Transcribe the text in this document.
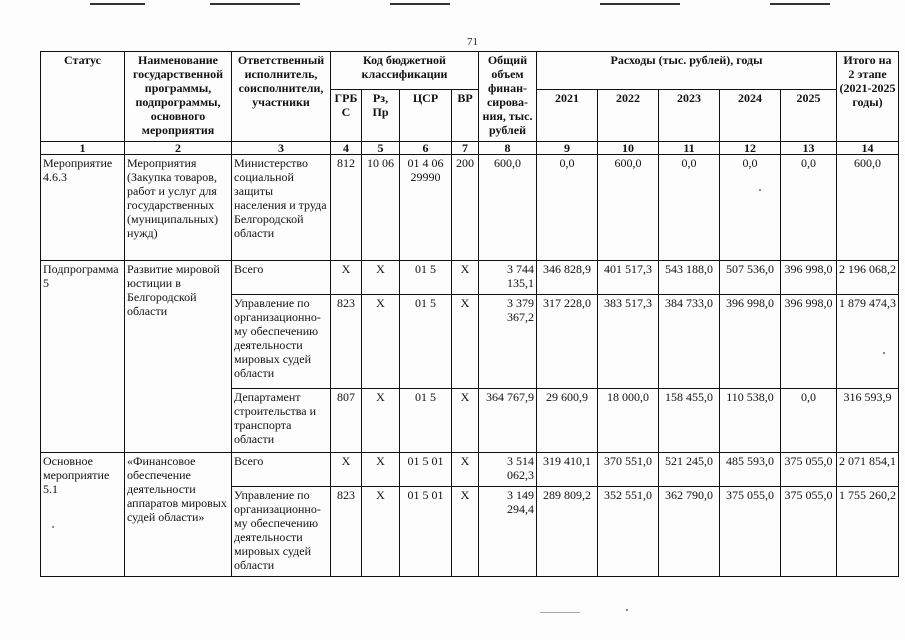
71
Статус	Наименование государственной программы, подпрограммы, основного мероприятия	Ответственный исполнитель, соисполнители, участники	Код бюджетной классификации				Общий объем финан-сирова-ния, тыс. рублей	Расходы (тыс. рублей), годы					Итого на 2 этапе (2021-2025 годы)
			ГРБ С	Рз, Пр	ЦСР	ВР		2021	2022	2023	2024	2025	
1	2	3	4	5	6	7	8	9	10	11	12	13	14
Мероприятие 4.6.3	Мероприятия (Закупка товаров, работ и услуг для государственных (муниципальных) нужд)	Министерство социальной защиты населения и труда Белгородской области	812	10 06	01 4 06 29990	200	600,0	0,0	600,0	0,0	0,0	0,0	600,0
Подпрограмма 5	Развитие мировой юстиции в Белгородской области	Всего	Х	Х	01 5	Х	3 744 135,1	346 828,9	401 517,3	543 188,0	507 536,0	396 998,0	2 196 068,2
		Управление по организационно-му обеспечению деятельности мировых судей области	823	Х	01 5	Х	3 379 367,2	317 228,0	383 517,3	384 733,0	396 998,0	396 998,0	1 879 474,3
		Департамент строительства и транспорта области	807	Х	01 5	Х	364 767,9	29 600,9	18 000,0	158 455,0	110 538,0	0,0	316 593,9
Основное мероприятие 5.1	«Финансовое обеспечение деятельности аппаратов мировых судей области»	Всего	Х	Х	01 5 01	Х	3 514 062,3	319 410,1	370 551,0	521 245,0	485 593,0	375 055,0	2 071 854,1
		Управление по организационно-му обеспечению деятельности мировых судей области	823	Х	01 5 01	Х	3 149 294,4	289 809,2	352 551,0	362 790,0	375 055,0	375 055,0	1 755 260,2
